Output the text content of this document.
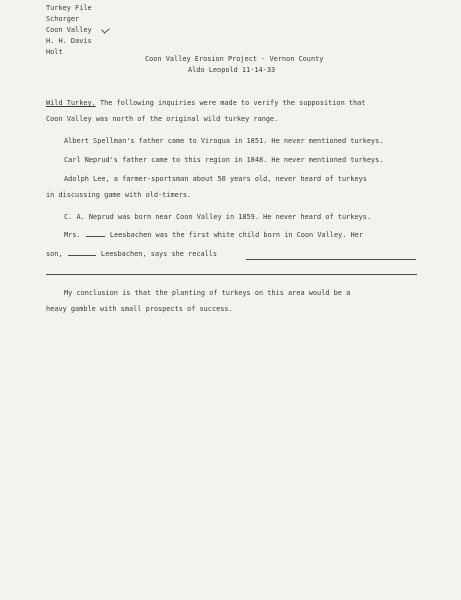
Turkey File
Schorger
Coon Valley
H. H. Davis
Holt
Coon Valley Erosion Project - Vernon County
Aldo Leopold 11-14-33
Wild Turkey. The following inquiries were made to verify the supposition that
Coon Valley was north of the original wild turkey range.
Albert Spellman's father came to Viroqua in 1851. He never mentioned turkeys.
Carl Neprud's father came to this region in 1848. He never mentioned turkeys.
Adolph Lee, a farmer-sportsman about 50 years old, never heard of turkeys
in discussing game with old-timers.
C. A. Neprud was born near Coon Valley in 1859. He never heard of turkeys.
Mrs.	Leesbachen was the first white child born in Coon Valley. Her
son,	Leesbachen, says she recalls
My conclusion is that the planting of turkeys on this area would be a
heavy gamble with small prospects of success.
